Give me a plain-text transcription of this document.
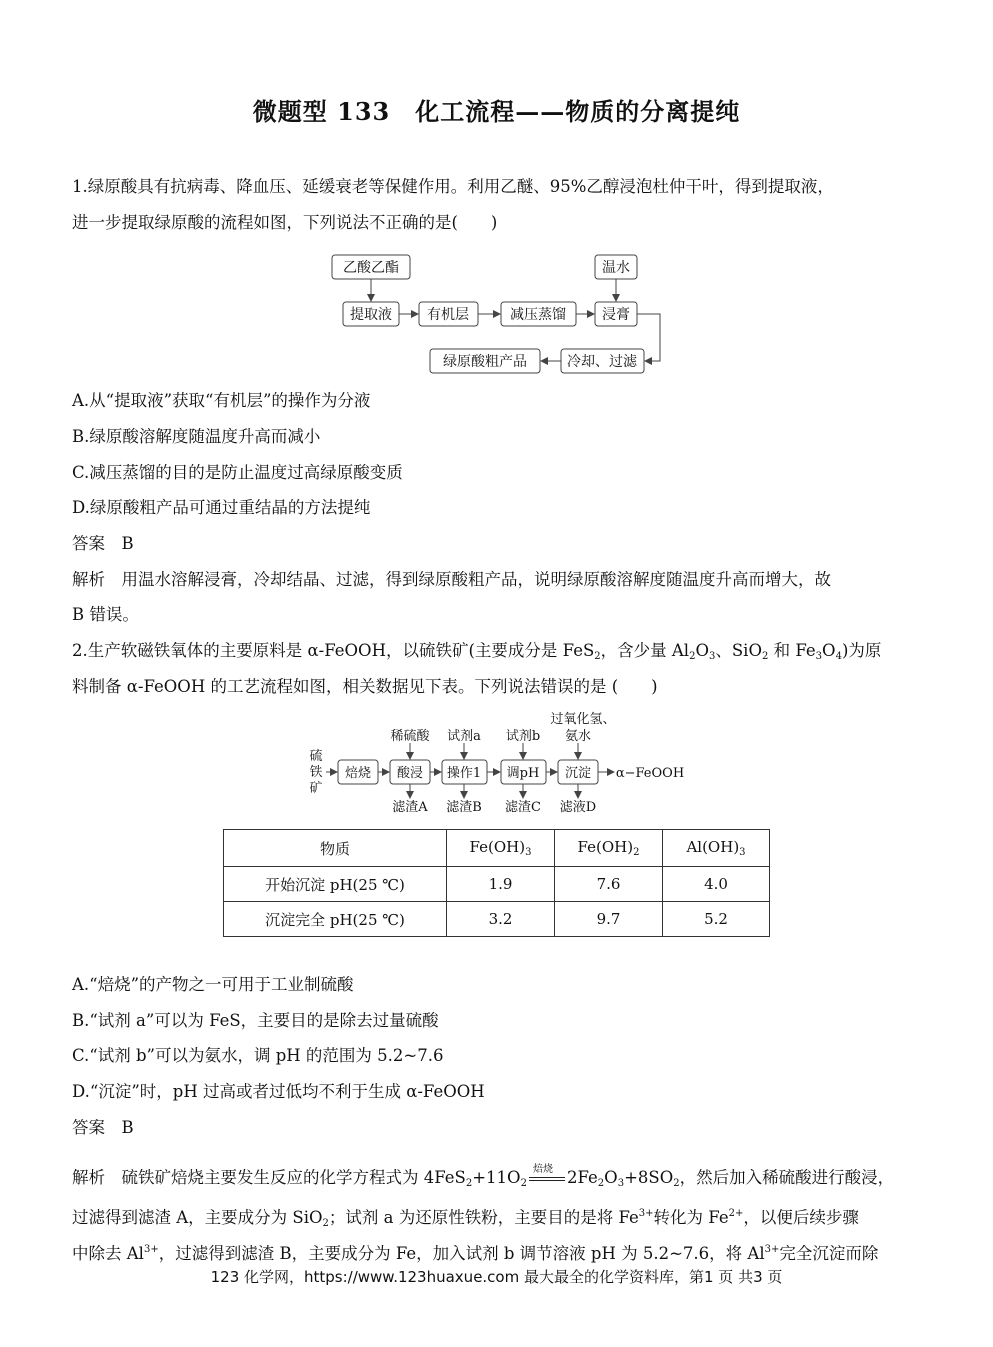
微题型 133　化工流程——物质的分离提纯
1.绿原酸具有抗病毒、降血压、延缓衰老等保健作用。利用乙醚、95%乙醇浸泡杜仲干叶，得到提取液，
进一步提取绿原酸的流程如图，下列说法不正确的是(　　)
乙酸乙酯	温水
提取液	有机层	减压蒸馏	浸膏
绿原酸粗产品	冷却、过滤
A.从“提取液”获取“有机层”的操作为分液
B.绿原酸溶解度随温度升高而减小
C.减压蒸馏的目的是防止温度过高绿原酸变质
D.绿原酸粗产品可通过重结晶的方法提纯
答案　B
解析　用温水溶解浸膏，冷却结晶、过滤，得到绿原酸粗产品，说明绿原酸溶解度随温度升高而增大，故
B 错误。
2.生产软磁铁氧体的主要原料是 α-FeOOH，以硫铁矿(主要成分是 FeS$_2$，含少量 $Al_2O_3$、SiO$_2$ 和 $Fe_3O_4$)为原
料制备 α-FeOOH 的工艺流程如图，相关数据见下表。下列说法错误的是 (　　)
硫
铁
矿
焙烧 酸浸 操作1 调pH 沉淀 α−FeOOH
稀硫酸 试剂a 试剂b
过氧化氢、
氨水
滤渣A 滤渣B 滤渣C 滤液D
物质	$Fe(OH)_3$	$Fe(OH)_2$	$Al(OH)_3$
开始沉淀 pH(25 ℃)	1.9	7.6	4.0
沉淀完全 pH(25 ℃)	3.2	9.7	5.2
A.“焙烧”的产物之一可用于工业制硫酸
B.“试剂 a”可以为 FeS，主要目的是除去过量硫酸
C.“试剂 b”可以为氨水，调 pH 的范围为 5.2~7.6
D.“沉淀”时，pH 过高或者过低均不利于生成 α-FeOOH
答案　B
解析　硫铁矿焙烧主要发生反应的化学方程式为 $4FeS_2+11O_2$
焙烧 $2Fe_2O_3+8SO_2$，然后加入稀硫酸进行酸浸，
过滤得到滤渣 A，主要成分为 SiO$_2$；试剂 a 为还原性铁粉，主要目的是将 $Fe^{3+}$转化为 $Fe^{2+}$，以便后续步骤
中除去 $Al^{3+}$，过滤得到滤渣 B，主要成分为 Fe，加入试剂 b 调节溶液 pH 为 5.2~7.6，将 $Al^{3+}$完全沉淀而除
123 化学网，https://www.123huaxue.com 最大最全的化学资料库，第1 页 共3 页
